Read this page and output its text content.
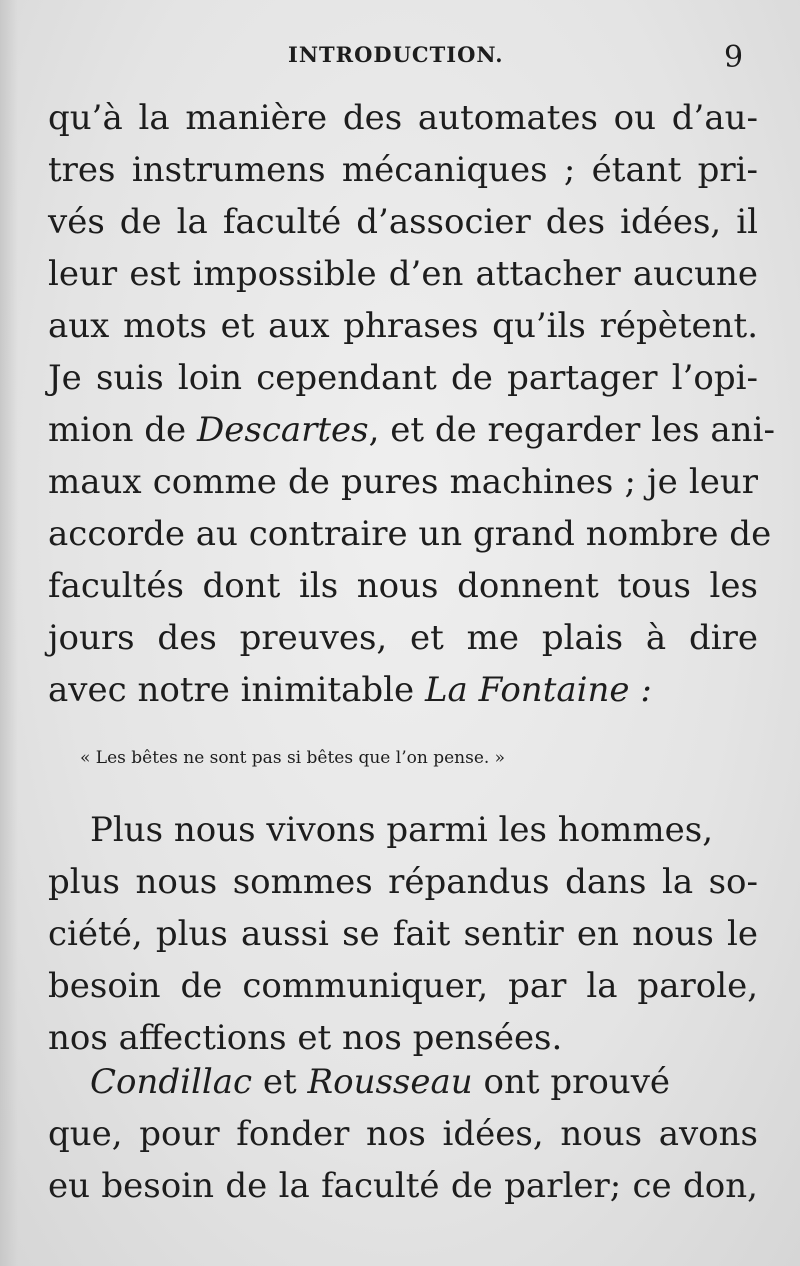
INTRODUCTION.	9
qu’à la manière des automates ou d’au-
tres instrumens mécaniques ; étant pri-
vés de la faculté d’associer des idées, il
leur est impossible d’en attacher aucune
aux mots et aux phrases qu’ils répètent.
Je suis loin cependant de partager l’opi-
mion de Descartes, et de regarder les ani-
maux comme de pures machines ; je leur
accorde au contraire un grand nombre de
facultés dont ils nous donnent tous les
jours des preuves, et me plais à dire
avec notre inimitable La Fontaine :
« Les bêtes ne sont pas si bêtes que l’on pense. »
Plus nous vivons parmi les hommes,
plus nous sommes répandus dans la so-
ciété, plus aussi se fait sentir en nous le
besoin de communiquer, par la parole,
nos affections et nos pensées.
Condillac et Rousseau ont prouvé
que, pour fonder nos idées, nous avons
eu besoin de la faculté de parler; ce don,
